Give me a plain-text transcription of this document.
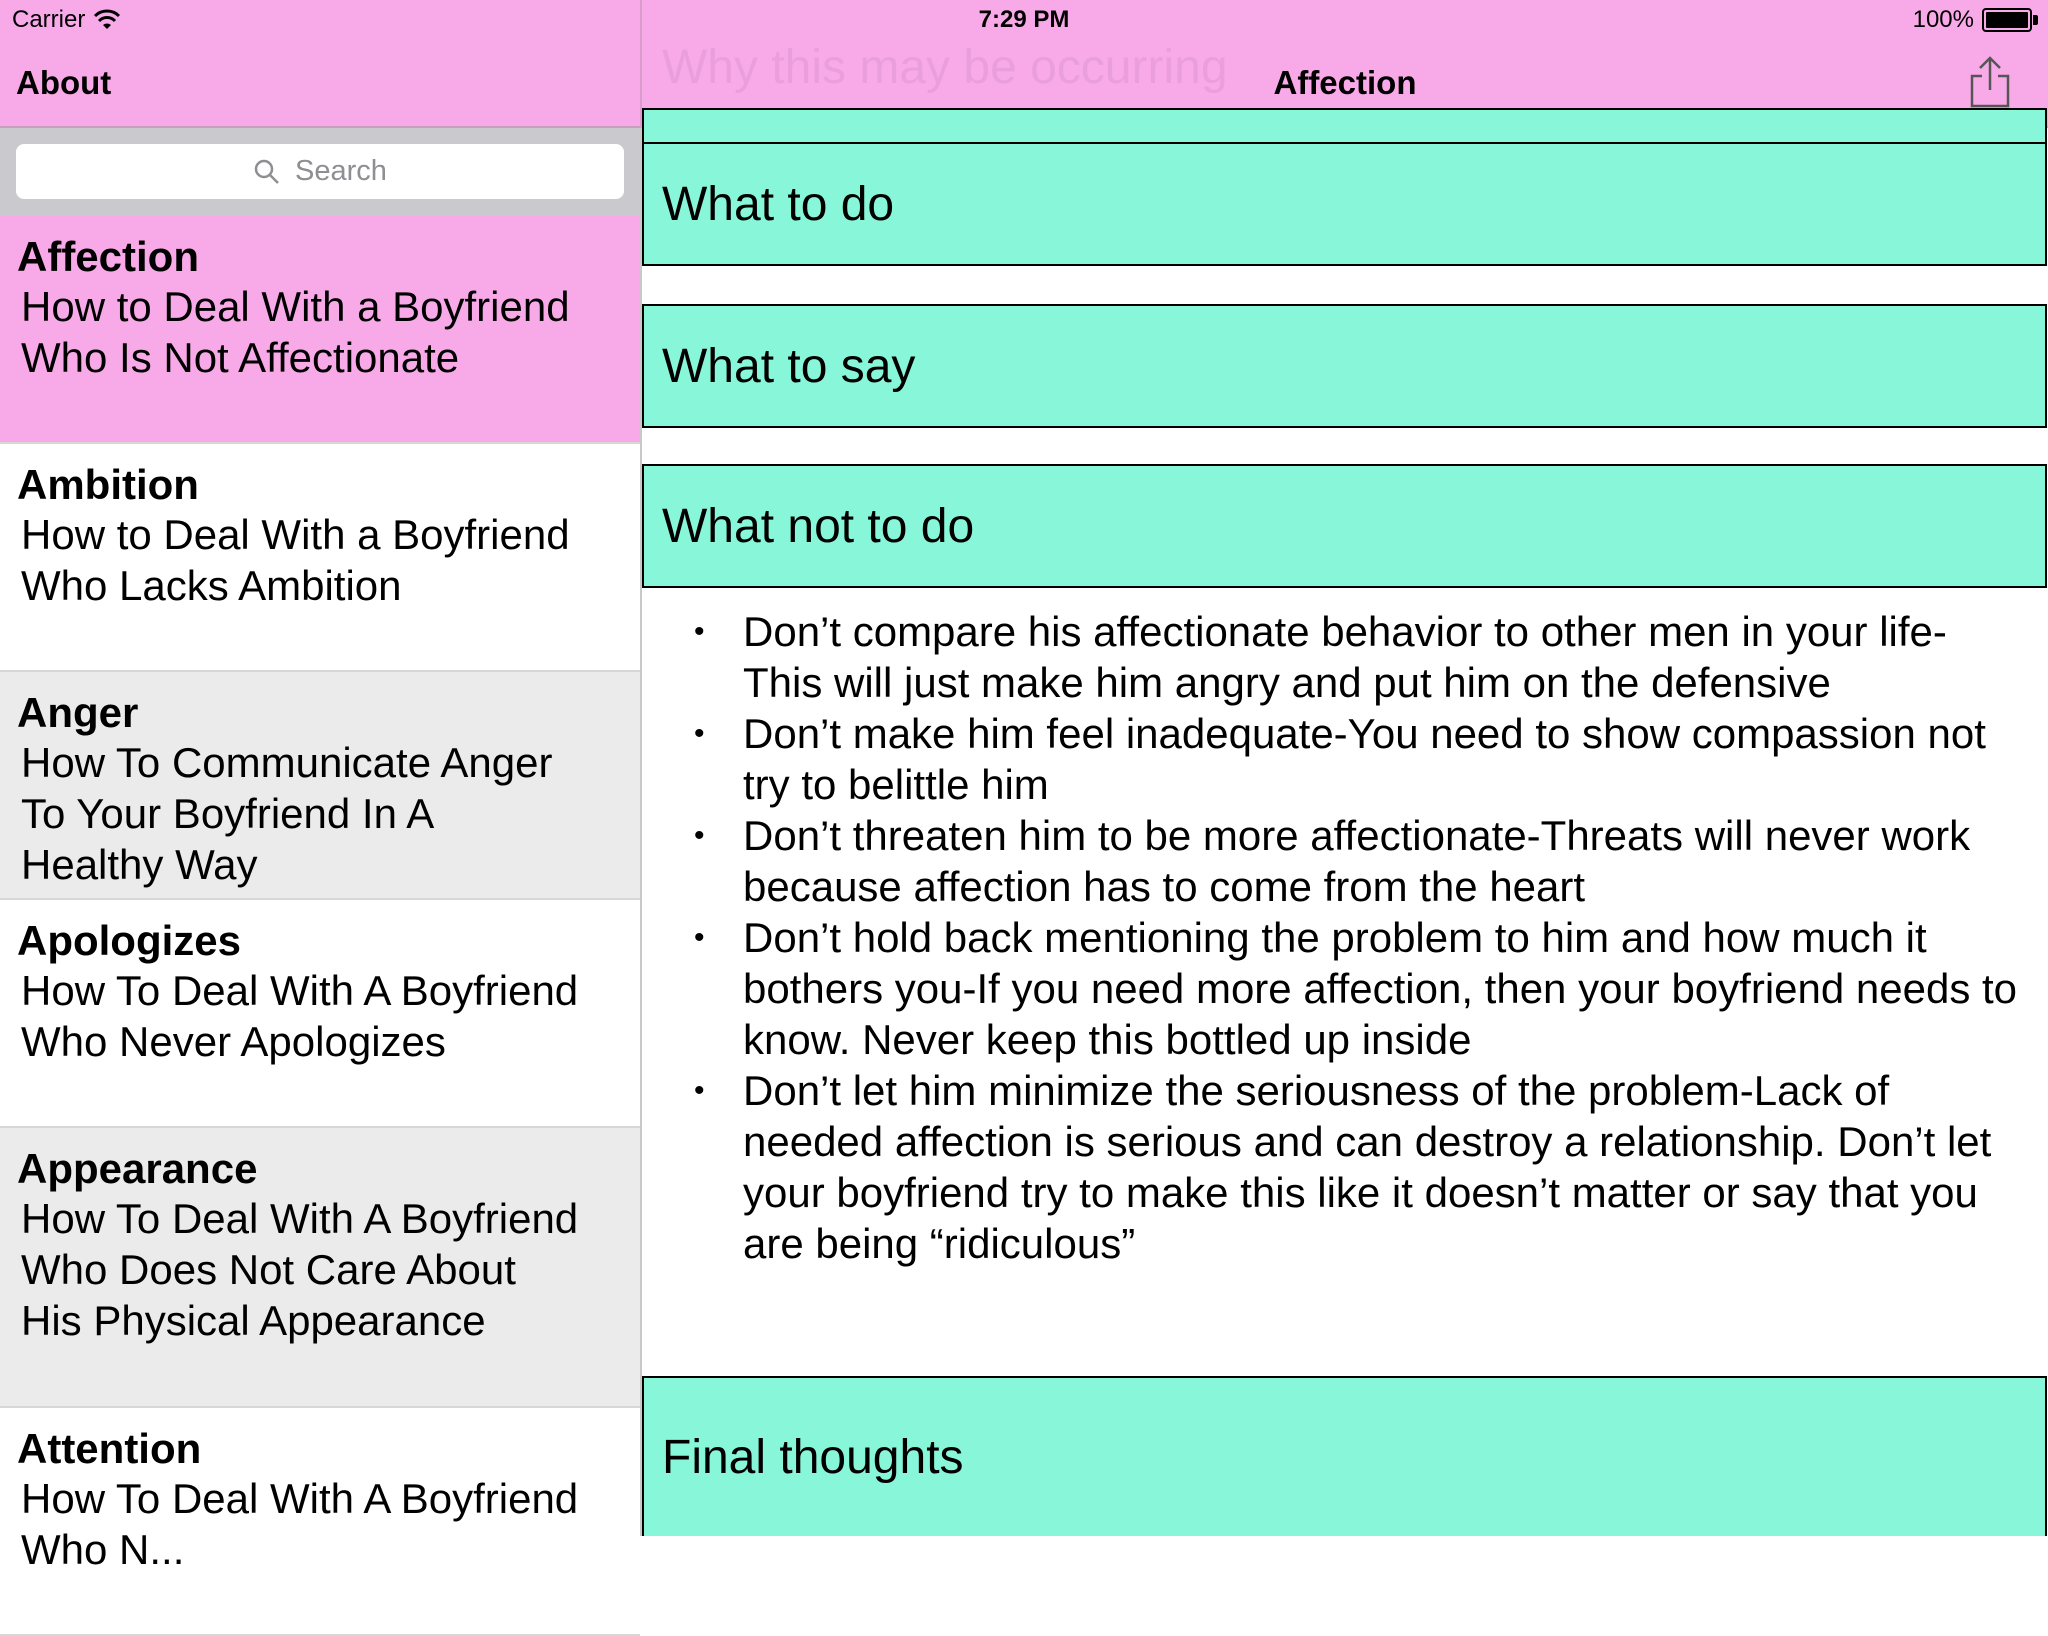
Carrier	7:29 PM	100%
About	Why this may be occurring	Affection
Search
Affection
How to Deal With a Boyfriend Who Is Not Affectionate
Ambition
How to Deal With a Boyfriend Who Lacks Ambition
Anger
How To Communicate Anger To Your Boyfriend In A Healthy Way
Apologizes
How To Deal With A Boyfriend Who Never Apologizes
Appearance
How To Deal With A Boyfriend Who Does Not Care About His Physical Appearance
Attention
How To Deal With A Boyfriend Who N...
What to do
What to say
What not to do
• Don’t compare his affectionate behavior to other men in your life-This will just make him angry and put him on the defensive
• Don’t make him feel inadequate-You need to show compassion not try to belittle him
• Don’t threaten him to be more affectionate-Threats will never work because affection has to come from the heart
• Don’t hold back mentioning the problem to him and how much it bothers you-If you need more affection, then your boyfriend needs to know. Never keep this bottled up inside
• Don’t let him minimize the seriousness of the problem-Lack of needed affection is serious and can destroy a relationship. Don’t let your boyfriend try to make this like it doesn’t matter or say that you are being “ridiculous”
Final thoughts
